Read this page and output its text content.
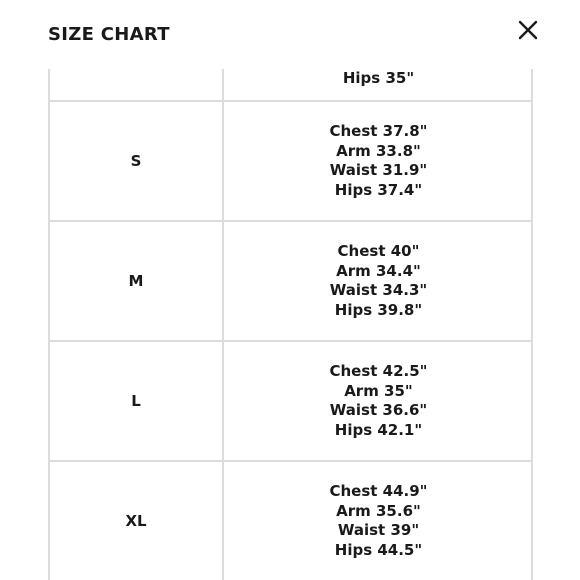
SIZE CHART
Hips 35"
S
Chest 37.8"
Arm 33.8"
Waist 31.9"
Hips 37.4"
M
Chest 40"
Arm 34.4"
Waist 34.3"
Hips 39.8"
L
Chest 42.5"
Arm 35"
Waist 36.6"
Hips 42.1"
XL
Chest 44.9"
Arm 35.6"
Waist 39"
Hips 44.5"
